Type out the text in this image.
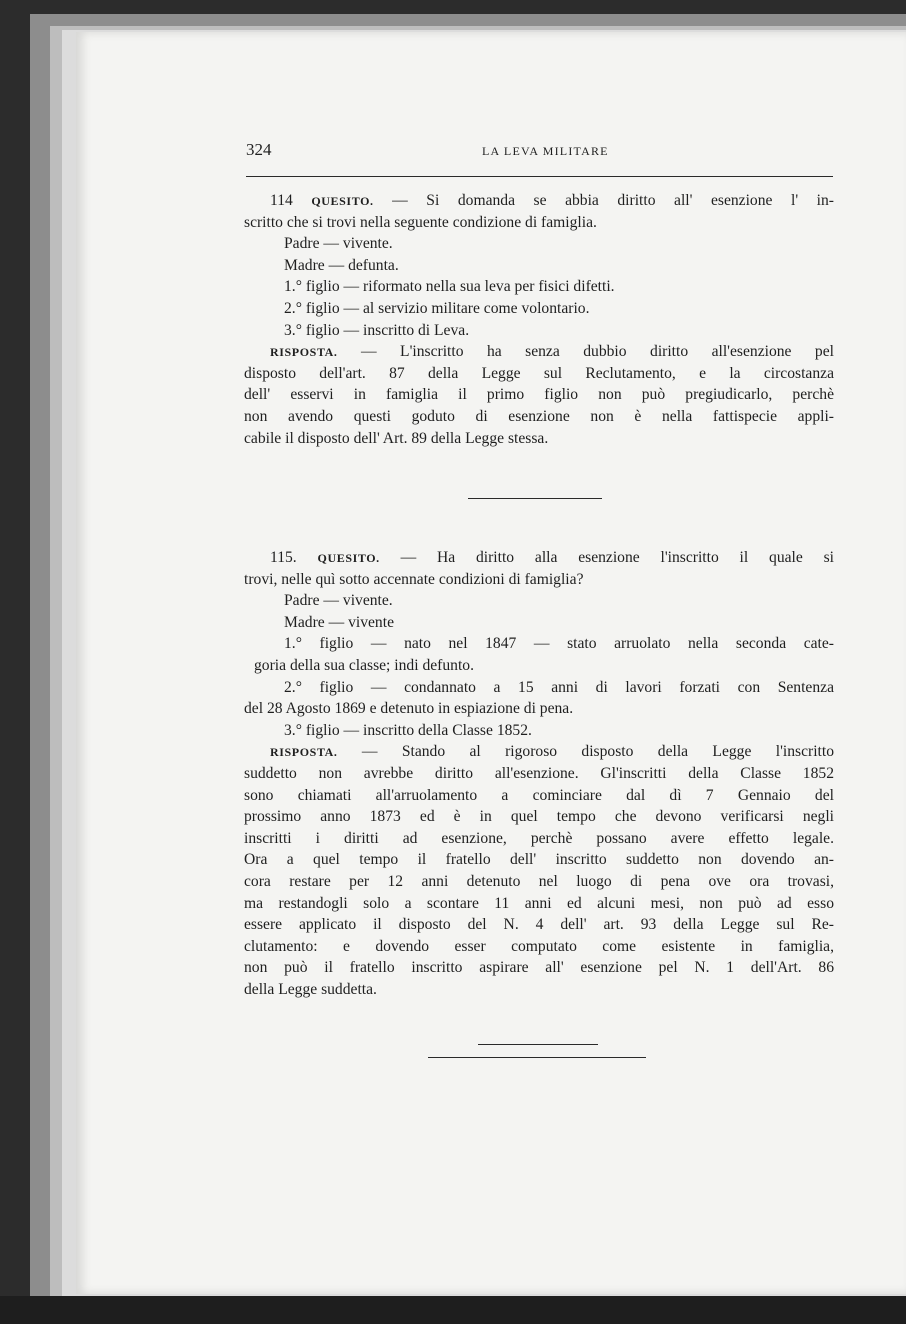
324	LA LEVA MILITARE
114 QUESITO. — Si domanda se abbia diritto all' esenzione l' in-
scritto che si trovi nella seguente condizione di famiglia.
Padre — vivente.
Madre — defunta.
1.° figlio — riformato nella sua leva per fisici difetti.
2.° figlio — al servizio militare come volontario.
3.° figlio — inscritto di Leva.
RISPOSTA. — L'inscritto ha senza dubbio diritto all'esenzione pel
disposto dell'art. 87 della Legge sul Reclutamento, e la circostanza
dell' esservi in famiglia il primo figlio non può pregiudicarlo, perchè
non avendo questi goduto di esenzione non è nella fattispecie appli-
cabile il disposto dell' Art. 89 della Legge stessa.
115. QUESITO. — Ha diritto alla esenzione l'inscritto il quale si
trovi, nelle quì sotto accennate condizioni di famiglia?
Padre — vivente.
Madre — vivente
1.° figlio — nato nel 1847 — stato arruolato nella seconda cate-
goria della sua classe; indi defunto.
2.° figlio — condannato a 15 anni di lavori forzati con Sentenza
del 28 Agosto 1869 e detenuto in espiazione di pena.
3.° figlio — inscritto della Classe 1852.
RISPOSTA. — Stando al rigoroso disposto della Legge l'inscritto
suddetto non avrebbe diritto all'esenzione. Gl'inscritti della Classe 1852
sono chiamati all'arruolamento a cominciare dal dì 7 Gennaio del
prossimo anno 1873 ed è in quel tempo che devono verificarsi negli
inscritti i diritti ad esenzione, perchè possano avere effetto legale.
Ora a quel tempo il fratello dell' inscritto suddetto non dovendo an-
cora restare per 12 anni detenuto nel luogo di pena ove ora trovasi,
ma restandogli solo a scontare 11 anni ed alcuni mesi, non può ad esso
essere applicato il disposto del N. 4 dell' art. 93 della Legge sul Re-
clutamento: e dovendo esser computato come esistente in famiglia,
non può il fratello inscritto aspirare all' esenzione pel N. 1 dell'Art. 86
della Legge suddetta.
